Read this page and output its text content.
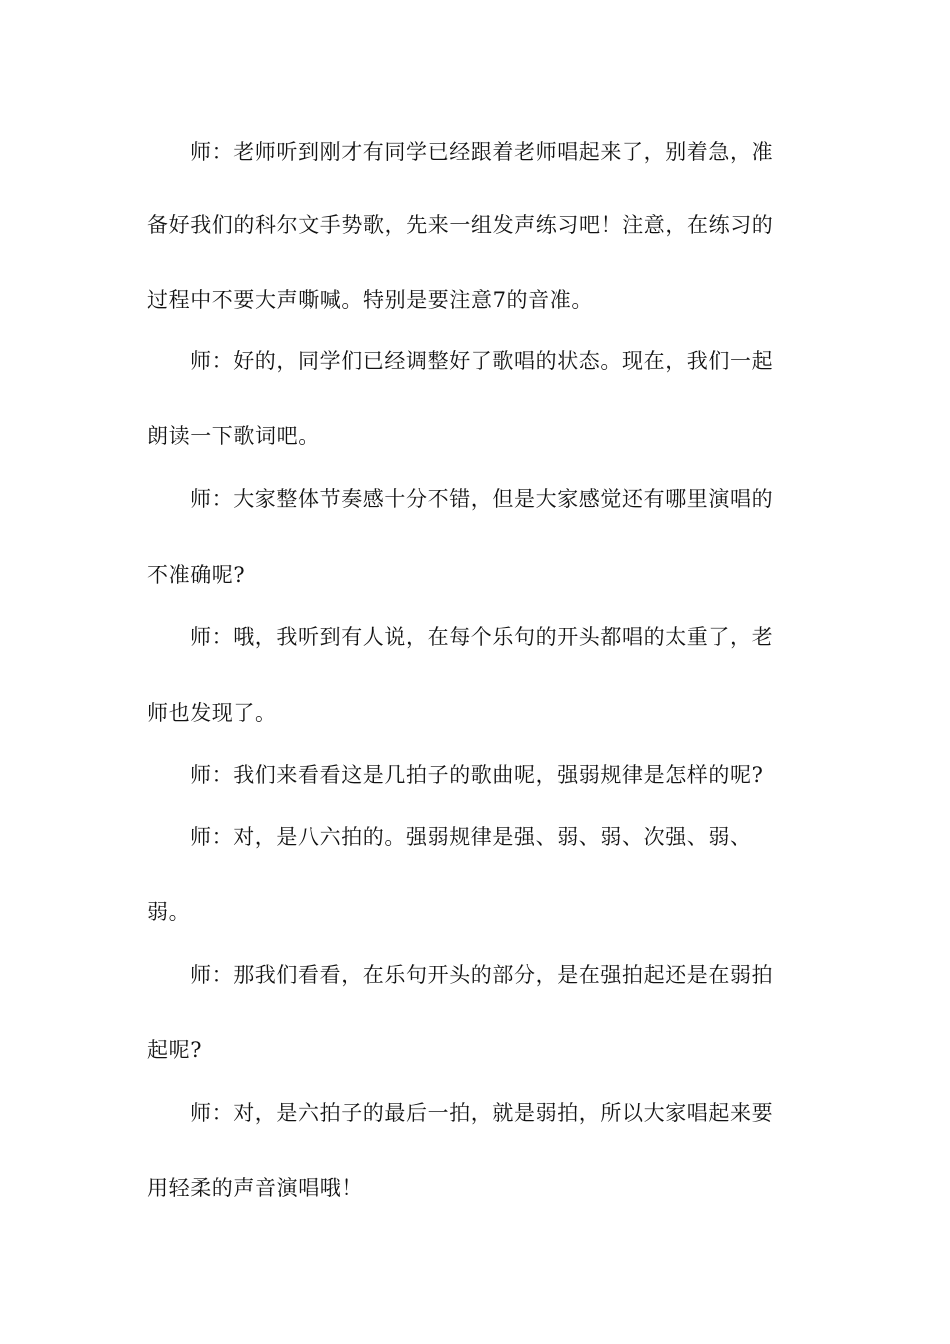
师：老师听到刚才有同学已经跟着老师唱起来了，别着急，准
备好我们的科尔文手势歌，先来一组发声练习吧！注意，在练习的
过程中不要大声嘶喊。特别是要注意7的音准。
师：好的，同学们已经调整好了歌唱的状态。现在，我们一起
朗读一下歌词吧。
师：大家整体节奏感十分不错，但是大家感觉还有哪里演唱的
不准确呢?
师：哦，我听到有人说，在每个乐句的开头都唱的太重了，老
师也发现了。
师：我们来看看这是几拍子的歌曲呢，强弱规律是怎样的呢?
师：对，是八六拍的。强弱规律是强、弱、弱、次强、弱、
弱。
师：那我们看看，在乐句开头的部分，是在强拍起还是在弱拍
起呢?
师：对，是六拍子的最后一拍，就是弱拍，所以大家唱起来要
用轻柔的声音演唱哦！
